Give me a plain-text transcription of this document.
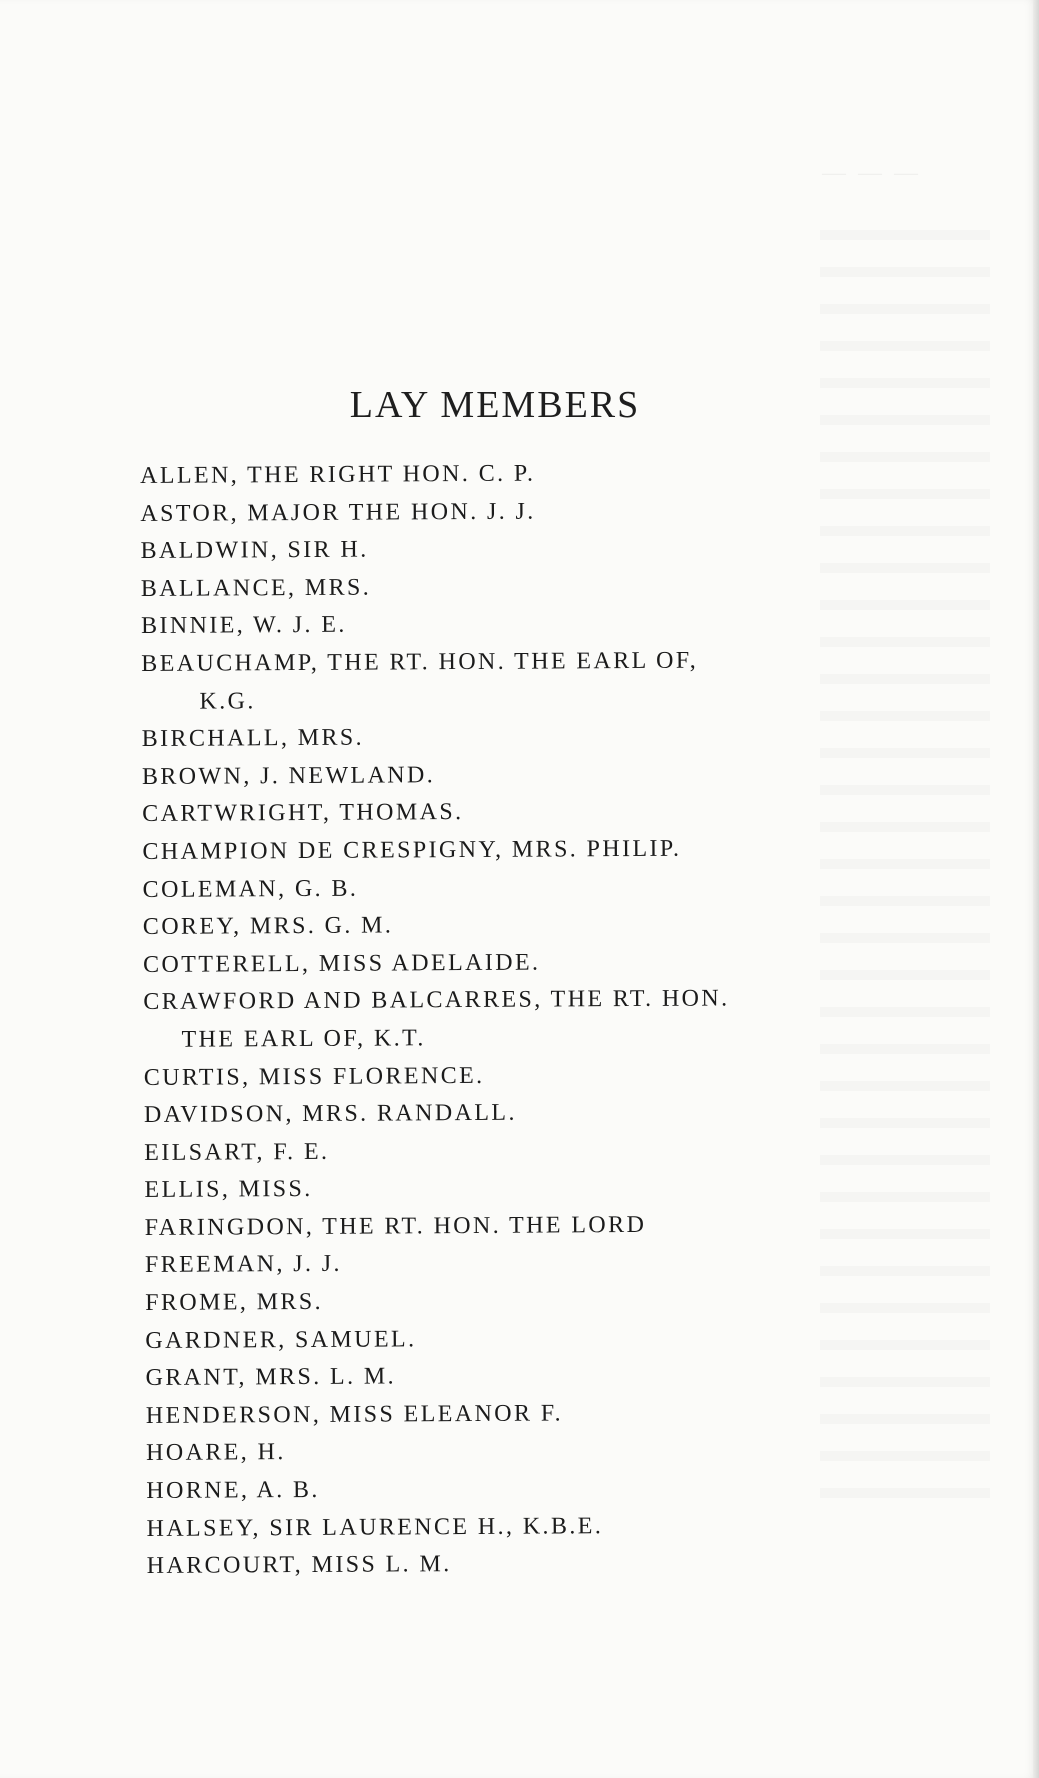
LAY MEMBERS
ALLEN, THE RIGHT HON. C. P.
ASTOR, MAJOR THE HON. J. J.
BALDWIN, SIR H.
BALLANCE, MRS.
BINNIE, W. J. E.
BEAUCHAMP, THE RT. HON. THE EARL OF,
K.G.
BIRCHALL, MRS.
BROWN, J. NEWLAND.
CARTWRIGHT, THOMAS.
CHAMPION DE CRESPIGNY, MRS. PHILIP.
COLEMAN, G. B.
COREY, MRS. G. M.
COTTERELL, MISS ADELAIDE.
CRAWFORD AND BALCARRES, THE RT. HON.
THE EARL OF, K.T.
CURTIS, MISS FLORENCE.
DAVIDSON, MRS. RANDALL.
EILSART, F. E.
ELLIS, MISS.
FARINGDON, THE RT. HON. THE LORD
FREEMAN, J. J.
FROME, MRS.
GARDNER, SAMUEL.
GRANT, MRS. L. M.
HENDERSON, MISS ELEANOR F.
HOARE, H.
HORNE, A. B.
HALSEY, SIR LAURENCE H., K.B.E.
HARCOURT, MISS L. M.
